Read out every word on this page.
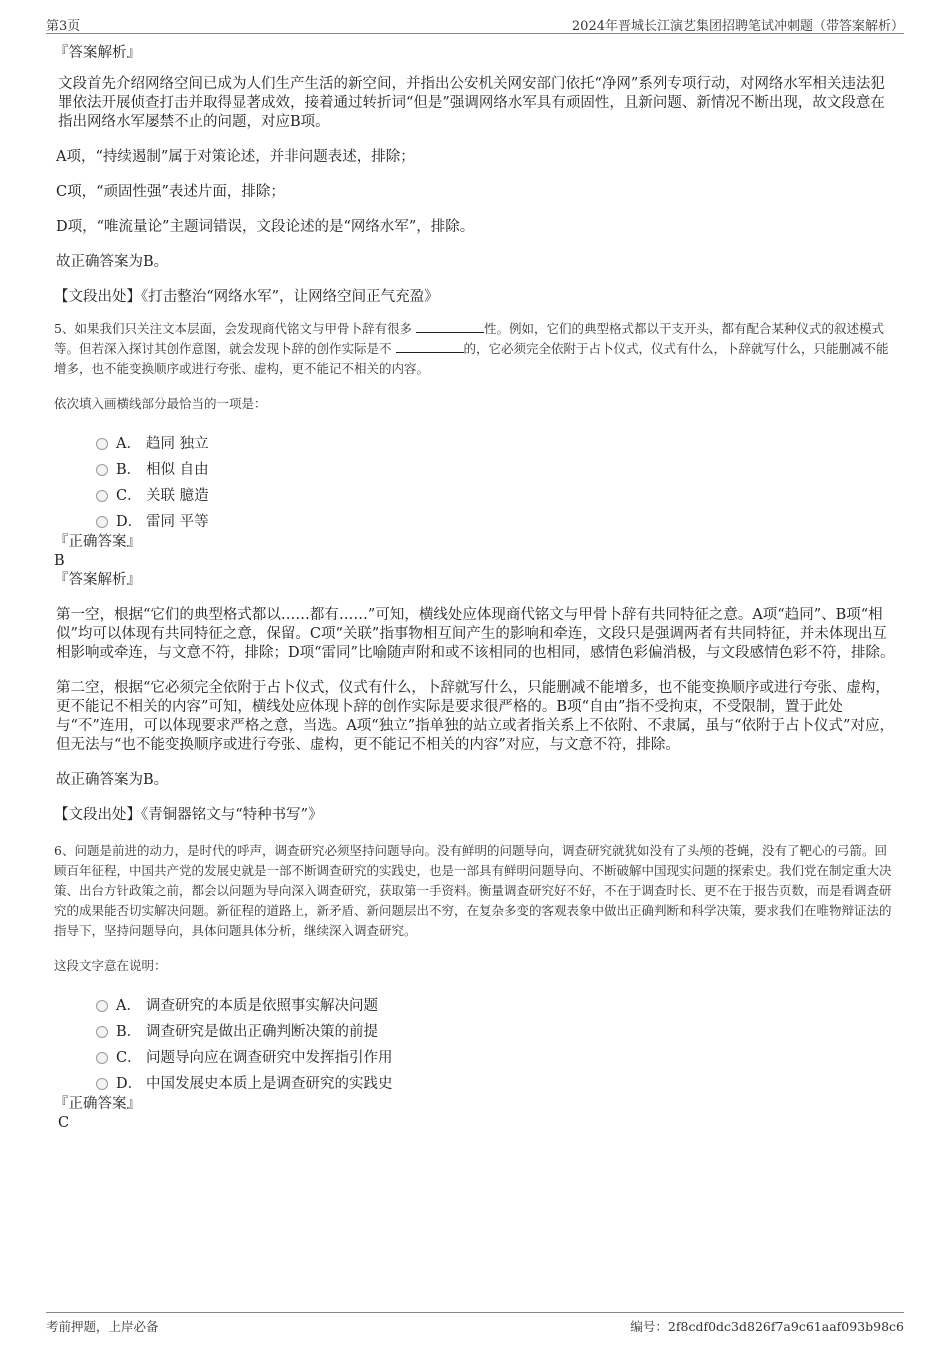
第3页	2024年晋城长江演艺集团招聘笔试冲刺题（带答案解析）
『答案解析』
文段首先介绍网络空间已成为人们生产生活的新空间，并指出公安机关网安部门依托“净网”系列专项行动，对网络水军相关违法犯罪依法开展侦查打击并取得显著成效，接着通过转折词“但是”强调网络水军具有顽固性，且新问题、新情况不断出现，故文段意在指出网络水军屡禁不止的问题，对应B项。
A项，“持续遏制”属于对策论述，并非问题表述，排除；
C项，“顽固性强”表述片面，排除；
D项，“唯流量论”主题词错误，文段论述的是“网络水军”，排除。
故正确答案为B。
【文段出处】《打击整治“网络水军”，让网络空间正气充盈》
5、如果我们只关注文本层面，会发现商代铭文与甲骨卜辞有很多	性。例如，它们的典型格式都以干支开头，都有配合某种仪式的叙述模式等。但若深入探讨其创作意图，就会发现卜辞的创作实际是不	的，它必须完全依附于占卜仪式，仪式有什么，卜辞就写什么，只能删减不能增多，也不能变换顺序或进行夸张、虚构，更不能记不相关的内容。
依次填入画横线部分最恰当的一项是：
A． 趋同 独立
B． 相似 自由
C． 关联 臆造
D． 雷同 平等
『正确答案』
B
『答案解析』
第一空，根据“它们的典型格式都以……都有……”可知，横线处应体现商代铭文与甲骨卜辞有共同特征之意。A项“趋同”、B项“相似”均可以体现有共同特征之意，保留。C项“关联”指事物相互间产生的影响和牵连，文段只是强调两者有共同特征，并未体现出互相影响或牵连，与文意不符，排除；D项“雷同”比喻随声附和或不该相同的也相同，感情色彩偏消极，与文段感情色彩不符，排除。
第二空，根据“它必须完全依附于占卜仪式，仪式有什么，卜辞就写什么，只能删减不能增多，也不能变换顺序或进行夸张、虚构，更不能记不相关的内容”可知，横线处应体现卜辞的创作实际是要求很严格的。B项“自由”指不受拘束，不受限制，置于此处与“不”连用，可以体现要求严格之意，当选。A项“独立”指单独的站立或者指关系上不依附、不隶属，虽与“依附于占卜仪式”对应，但无法与“也不能变换顺序或进行夸张、虚构，更不能记不相关的内容”对应，与文意不符，排除。
故正确答案为B。
【文段出处】《青铜器铭文与“特种书写”》
6、问题是前进的动力，是时代的呼声，调查研究必须坚持问题导向。没有鲜明的问题导向，调查研究就犹如没有了头颅的苍蝇，没有了靶心的弓箭。回顾百年征程，中国共产党的发展史就是一部不断调查研究的实践史，也是一部具有鲜明问题导向、不断破解中国现实问题的探索史。我们党在制定重大决策、出台方针政策之前，都会以问题为导向深入调查研究，获取第一手资料。衡量调查研究好不好，不在于调查时长、更不在于报告页数，而是看调查研究的成果能否切实解决问题。新征程的道路上，新矛盾、新问题层出不穷，在复杂多变的客观表象中做出正确判断和科学决策，要求我们在唯物辩证法的指导下，坚持问题导向，具体问题具体分析，继续深入调查研究。
这段文字意在说明：
A． 调查研究的本质是依照事实解决问题
B． 调查研究是做出正确判断决策的前提
C． 问题导向应在调查研究中发挥指引作用
D． 中国发展史本质上是调查研究的实践史
『正确答案』
C
考前押题，上岸必备	编号：2f8cdf0dc3d826f7a9c61aaf093b98c6
